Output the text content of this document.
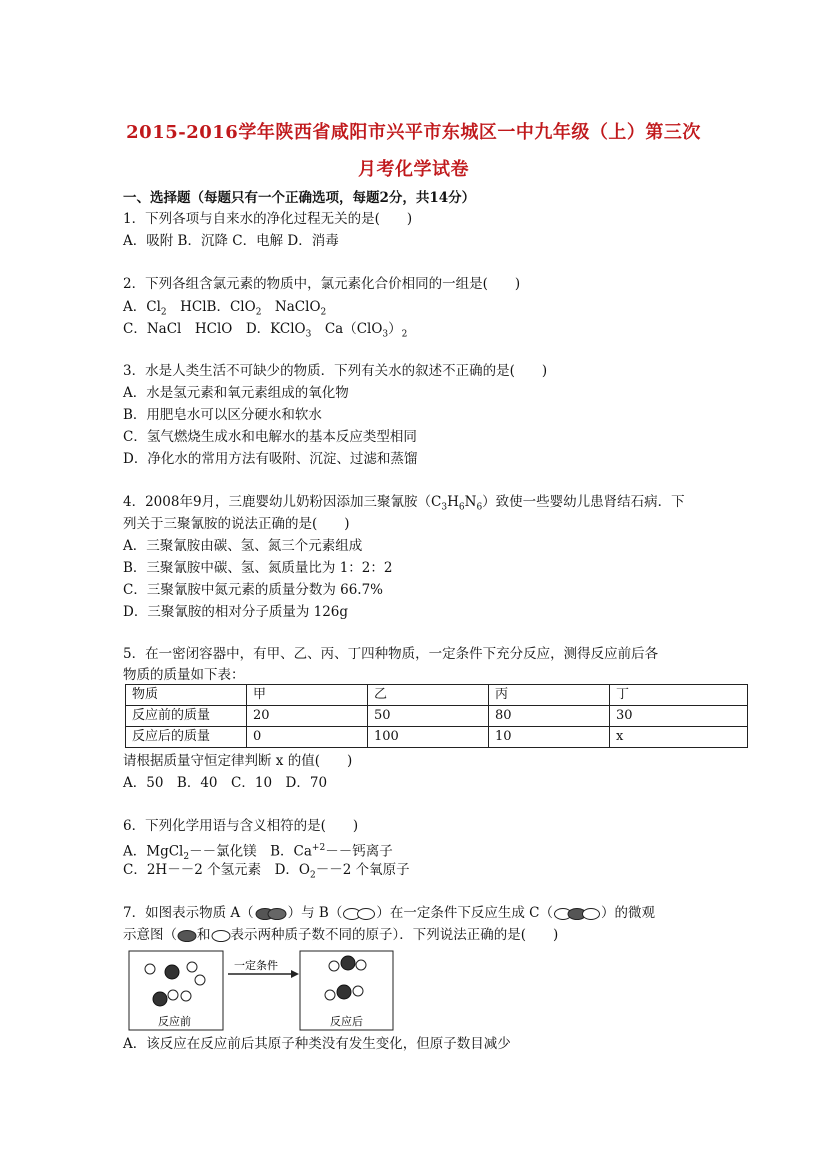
2015-2016学年陕西省咸阳市兴平市东城区一中九年级（上）第三次
月考化学试卷
一、选择题（每题只有一个正确选项，每题2分，共14分）
1．下列各项与自来水的净化过程无关的是(　　)
A．吸附 B．沉降 C．电解 D．消毒
2．下列各组含氯元素的物质中，氯元素化合价相同的一组是(　　)
A．$Cl_2$　HClB．ClO$_2$　NaClO$_2$
C．NaCl　HClO　D．KClO$_3$　$Ca(ClO_3)_2$
3．水是人类生活不可缺少的物质．下列有关水的叙述不正确的是(　　)
A．水是氢元素和氧元素组成的氧化物
B．用肥皂水可以区分硬水和软水
C．氢气燃烧生成水和电解水的基本反应类型相同
D．净化水的常用方法有吸附、沉淀、过滤和蒸馏
4．2008年9月，三鹿婴幼儿奶粉因添加三聚氰胺$(C_3H_6N_6)$致使一些婴幼儿患肾结石病．下
列关于三聚氰胺的说法正确的是(　　)
A．三聚氰胺由碳、氢、氮三个元素组成
B．三聚氰胺中碳、氢、氮质量比为 1：2：2
C．三聚氰胺中氮元素的质量分数为 66.7%
D．三聚氰胺的相对分子质量为 126g
5．在一密闭容器中，有甲、乙、丙、丁四种物质，一定条件下充分反应，测得反应前后各
物质的质量如下表：
物质	甲	乙	丙	丁
反应前的质量	20	50	80	30
反应后的质量	0	100	10	x
请根据质量守恒定律判断 x 的值(　　)
A．50　B．40　C．10　D．70
6．下列化学用语与含义相符的是(　　)
A．MgCl$_2$－－氯化镁　B．$Ca^{+2}--$钙离子
C．2H－－2 个氢元素　D．$O_2--2$ 个氧原子
7．如图表示物质 A（	）与 B（	）在一定条件下反应生成 C（	）的微观
示意图（ 和 表示两种质子数不同的原子）．下列说法正确的是(　　)
一定条件
反应前	反应后
A．该反应在反应前后其原子种类没有发生变化，但原子数目减少
